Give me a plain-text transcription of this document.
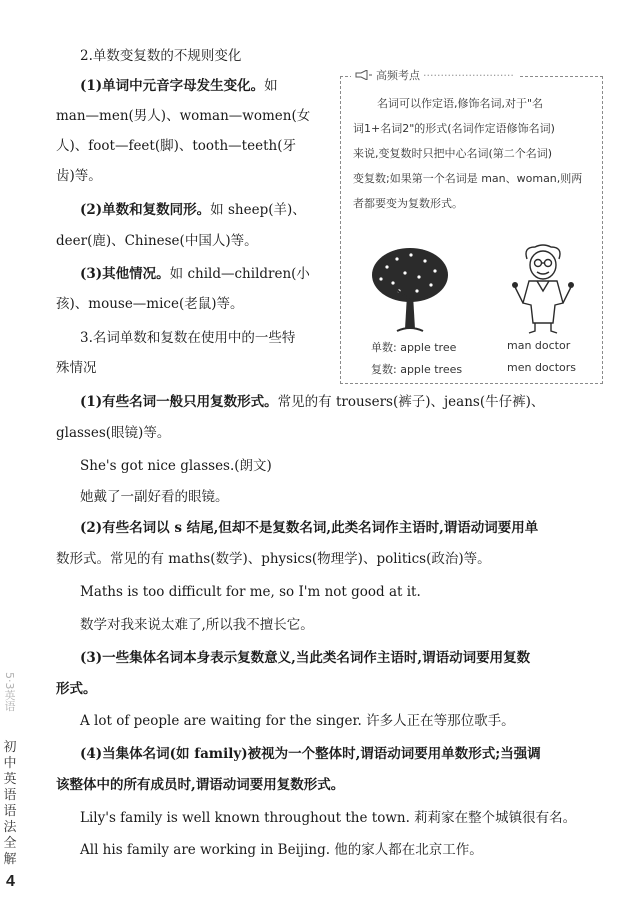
2.单数变复数的不规则变化
(1)单词中元音字母发生变化。如
man—men(男人)、woman—women(女
人)、foot—feet(脚)、tooth—teeth(牙
齿)等。
(2)单数和复数同形。如 sheep(羊)、
deer(鹿)、Chinese(中国人)等。
(3)其他情况。如 child—children(小
孩)、mouse—mice(老鼠)等。
3.名词单数和复数在使用中的一些特
殊情况
高频考点 ··························
名词可以作定语,修饰名词,对于"名
词1+名词2"的形式(名词作定语修饰名词)
来说,变复数时只把中心名词(第二个名词)
变复数;如果第一个名词是 man、woman,则两
者都要变为复数形式。
单数: apple tree	man doctor
复数: apple trees	men doctors
(1)有些名词一般只用复数形式。常见的有 trousers(裤子)、jeans(牛仔裤)、
glasses(眼镜)等。
She's got nice glasses.(朗文)
她戴了一副好看的眼镜。
(2)有些名词以 s 结尾,但却不是复数名词,此类名词作主语时,谓语动词要用单
数形式。常见的有 maths(数学)、physics(物理学)、politics(政治)等。
Maths is too difficult for me, so I'm not good at it.
数学对我来说太难了,所以我不擅长它。
(3)一些集体名词本身表示复数意义,当此类名词作主语时,谓语动词要用复数
形式。
A lot of people are waiting for the singer. 许多人正在等那位歌手。
(4)当集体名词(如 family)被视为一个整体时,谓语动词要用单数形式;当强调
该整体中的所有成员时,谓语动词要用复数形式。
Lily's family is well known throughout the town. 莉莉家在整个城镇很有名。
All his family are working in Beijing. 他的家人都在北京工作。
5·3英语
初中英语语法全解
4
